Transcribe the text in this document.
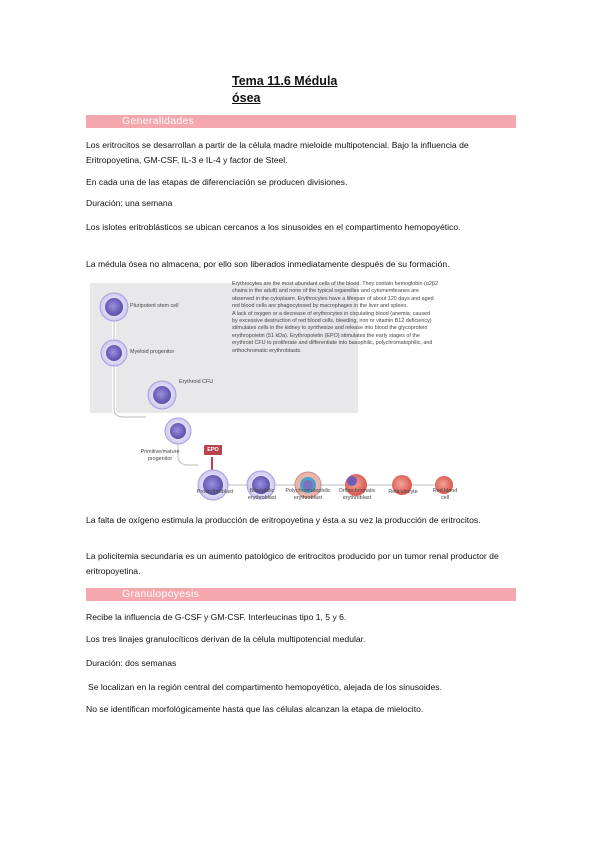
Tema 11.6 Médula
ósea
Generalidades
Los eritrocitos se desarrollan a partir de la célula madre mieloide multipotencial. Bajo la influencia de Eritropoyetina, GM-CSF, IL-3 e IL-4 y factor de Steel.
En cada una de las etapas de diferenciación se producen divisiones.
Duración: una semana
Los islotes eritroblásticos se ubican cercanos a los sinusoides en el compartimento hemopoyético.
La médula ósea no almacena, por ello son liberados inmediatamente después de su formación.
EPO
Pluripotent stem cell
Myeloid progenitor
Erythroid CFU
Primitive/mature progenitor
Proerythroblast	Basophilic erythroblast
Polychromatophilic erythroblast
Orthochromatic erythroblast
Reticulocyte	Red blood cell
Erythrocytes are the most abundant cells of the blood. They contain hemoglobin (α2β2
chains in the adult) and none of the typical organelles and cytomembranes are
observed in the cytoplasm. Erythrocytes have a lifespan of about 120 days and aged
red blood cells are phagocytosed by macrophages in the liver and spleen.
A lack of oxygen or a decrease of erythrocytes in circulating blood (anemia; caused
by excessive destruction of red blood cells, bleeding, iron or vitamin B12 deficiency)
stimulates cells in the kidney to synthesize and release into blood the glycoprotein
erythropoietin (51 kDa). Erythropoietin (EPO) stimulates the early stages of the
erythroid CFU to proliferate and differentiate into basophilic, polychromatophilic, and
orthochromatic erythroblasts.
La falta de oxígeno estimula la producción de eritropoyetina y ésta a su vez la producción de eritrocitos.
La policitemia secundaria es un aumento patológico de eritrocitos producido por un tumor renal productor de eritropoyetina.
Granulopoyesis
Recibe la influencia de G-CSF y GM-CSF. Interleucinas tipo 1, 5 y 6.
Los tres linajes granulocíticos derivan de la célula multipotencial medular.
Duración: dos semanas
Se localizan en la región central del compartimento hemopoyético, alejada de los sinusoides.
No se identifican morfológicamente hasta que las células alcanzan la etapa de mielocito.
